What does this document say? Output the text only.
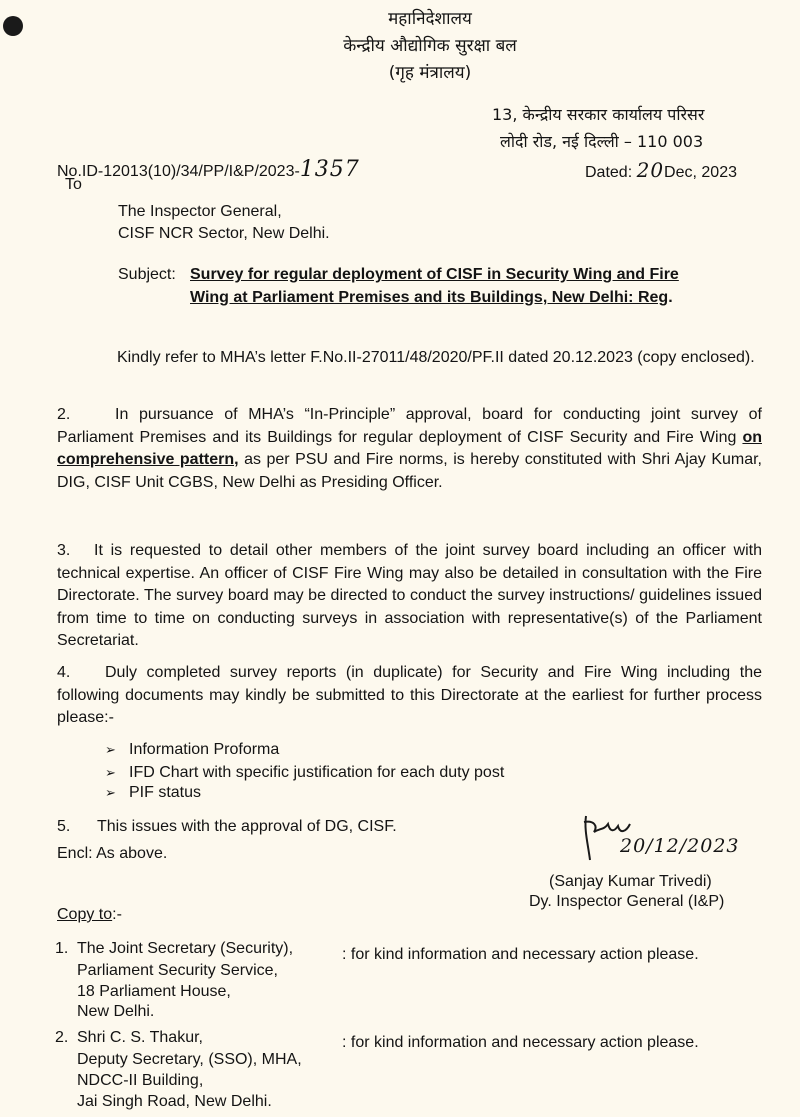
महानिदेशालय
केन्द्रीय औद्योगिक सुरक्षा बल
(गृह मंत्रालय)
13, केन्द्रीय सरकार कार्यालय परिसर
लोदी रोड, नई दिल्ली – 110 003
No.ID-12013(10)/34/PP/I&P/2023-1357	Dated: 20Dec, 2023
To
The Inspector General,
CISF NCR Sector, New Delhi.
Subject: Survey for regular deployment of CISF in Security Wing and Fire
Wing at Parliament Premises and its Buildings, New Delhi: Reg.
Kindly refer to MHA’s letter F.No.II-27011/48/2020/PF.II dated 20.12.2023 (copy enclosed).
2.	In pursuance of MHA’s “In-Principle” approval, board for conducting joint survey of Parliament Premises and its Buildings for regular deployment of CISF Security and Fire Wing on comprehensive pattern, as per PSU and Fire norms, is hereby constituted with Shri Ajay Kumar, DIG, CISF Unit CGBS, New Delhi as Presiding Officer.
3. It is requested to detail other members of the joint survey board including an officer with technical expertise. An officer of CISF Fire Wing may also be detailed in consultation with the Fire Directorate. The survey board may be directed to conduct the survey instructions/ guidelines issued from time to time on conducting surveys in association with representative(s) of the Parliament Secretariat.
4. Duly completed survey reports (in duplicate) for Security and Fire Wing including the following documents may kindly be submitted to this Directorate at the earliest for further process please:-
➢ Information Proforma
➢ IFD Chart with specific justification for each duty post
➢ PIF status
5. This issues with the approval of DG, CISF.
Encl: As above.	20/12/2023
(Sanjay Kumar Trivedi)
Dy. Inspector General (I&P)
Copy to:-
1. The Joint Secretary (Security),
Parliament Security Service,
18 Parliament House,
New Delhi.
: for kind information and necessary action please.
2. Shri C. S. Thakur,
Deputy Secretary, (SSO), MHA,
NDCC-II Building,
Jai Singh Road, New Delhi.
: for kind information and necessary action please.
